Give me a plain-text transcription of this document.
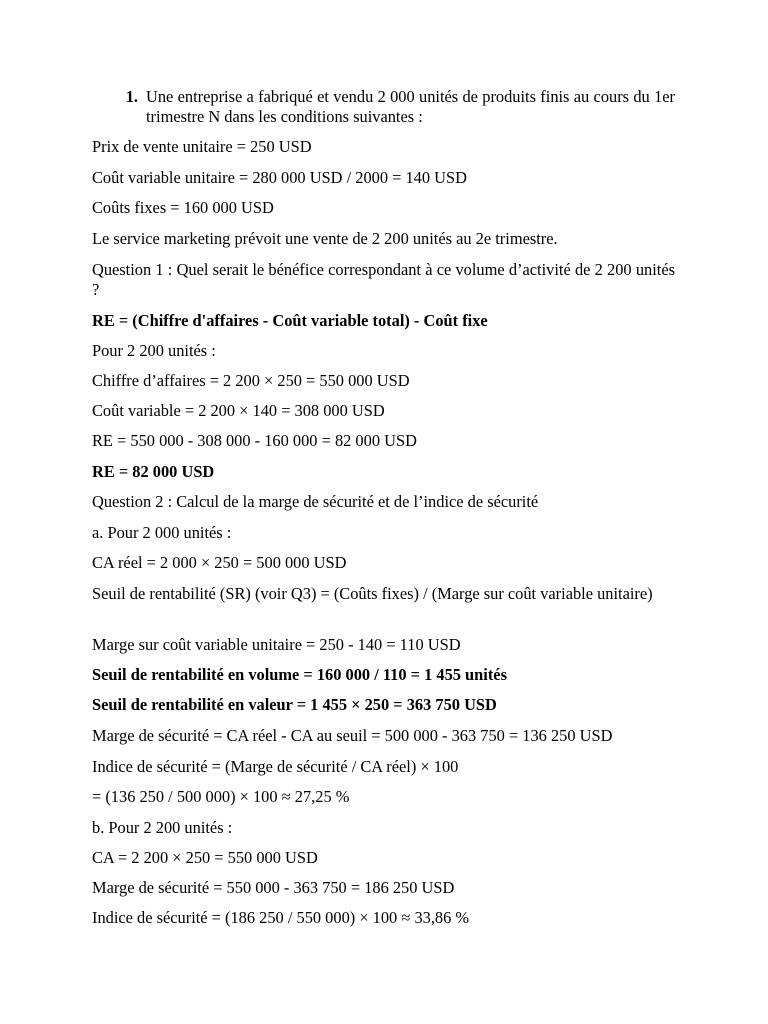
1. Une entreprise a fabriqué et vendu 2 000 unités de produits finis au cours du 1er trimestre N dans les conditions suivantes :

Prix de vente unitaire = 250 USD

Coût variable unitaire = 280 000 USD / 2000 = 140 USD

Coûts fixes = 160 000 USD

Le service marketing prévoit une vente de 2 200 unités au 2e trimestre.

Question 1 : Quel serait le bénéfice correspondant à ce volume d’activité de 2 200 unités ?

RE = (Chiffre d'affaires - Coût variable total) - Coût fixe

Pour 2 200 unités :

Chiffre d’affaires = 2 200 × 250 = 550 000 USD

Coût variable = 2 200 × 140 = 308 000 USD

RE = 550 000 - 308 000 - 160 000 = 82 000 USD

RE = 82 000 USD

Question 2 : Calcul de la marge de sécurité et de l’indice de sécurité

a. Pour 2 000 unités :

CA réel = 2 000 × 250 = 500 000 USD

Seuil de rentabilité (SR) (voir Q3) = (Coûts fixes) / (Marge sur coût variable unitaire)

Marge sur coût variable unitaire = 250 - 140 = 110 USD

Seuil de rentabilité en volume = 160 000 / 110 = 1 455 unités

Seuil de rentabilité en valeur = 1 455 × 250 = 363 750 USD

Marge de sécurité = CA réel - CA au seuil = 500 000 - 363 750 = 136 250 USD

Indice de sécurité = (Marge de sécurité / CA réel) × 100

= (136 250 / 500 000) × 100 ≈ 27,25 %

b. Pour 2 200 unités :

CA = 2 200 × 250 = 550 000 USD

Marge de sécurité = 550 000 - 363 750 = 186 250 USD

Indice de sécurité = (186 250 / 550 000) × 100 ≈ 33,86 %
